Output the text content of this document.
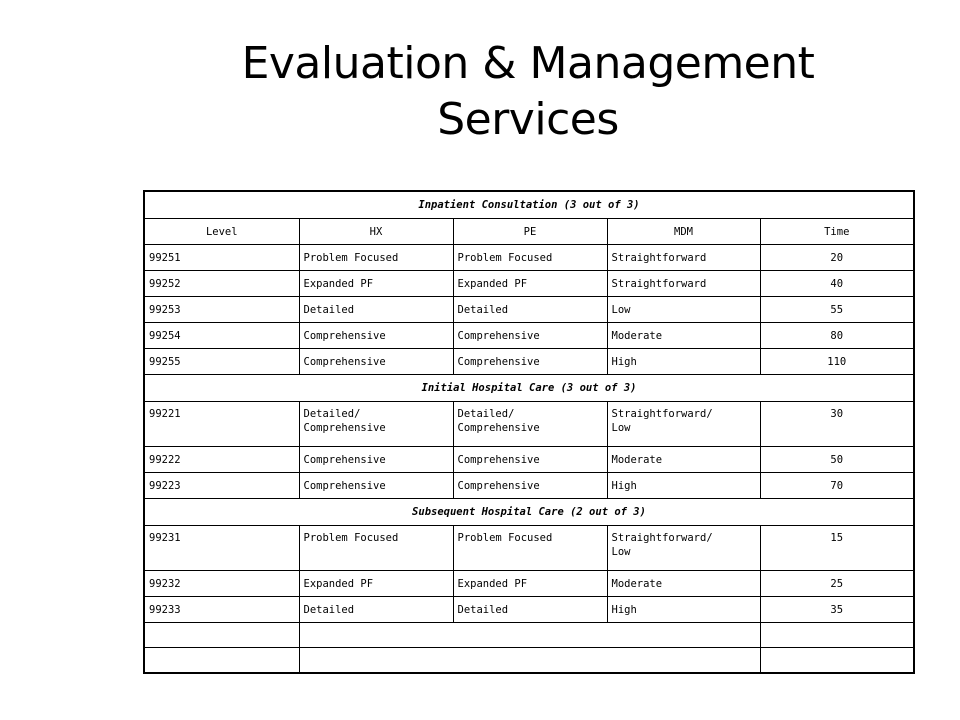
Evaluation & Management
Services
Inpatient Consultation (3 out of 3)				
Level	HX	PE	MDM	Time
99251	Problem Focused	Problem Focused	Straightforward	20
99252	Expanded PF	Expanded PF	Straightforward	40
99253	Detailed	Detailed	Low	55
99254	Comprehensive	Comprehensive	Moderate	80
99255	Comprehensive	Comprehensive	High	110
Initial Hospital Care (3 out of 3)				
99221	Detailed/ Comprehensive	Detailed/ Comprehensive	Straightforward/ Low	30
99222	Comprehensive	Comprehensive	Moderate	50
99223	Comprehensive	Comprehensive	High	70
Subsequent Hospital Care (2 out of 3)				
99231	Problem Focused	Problem Focused	Straightforward/ Low	15
99232	Expanded PF	Expanded PF	Moderate	25
99233	Detailed	Detailed	High	35
